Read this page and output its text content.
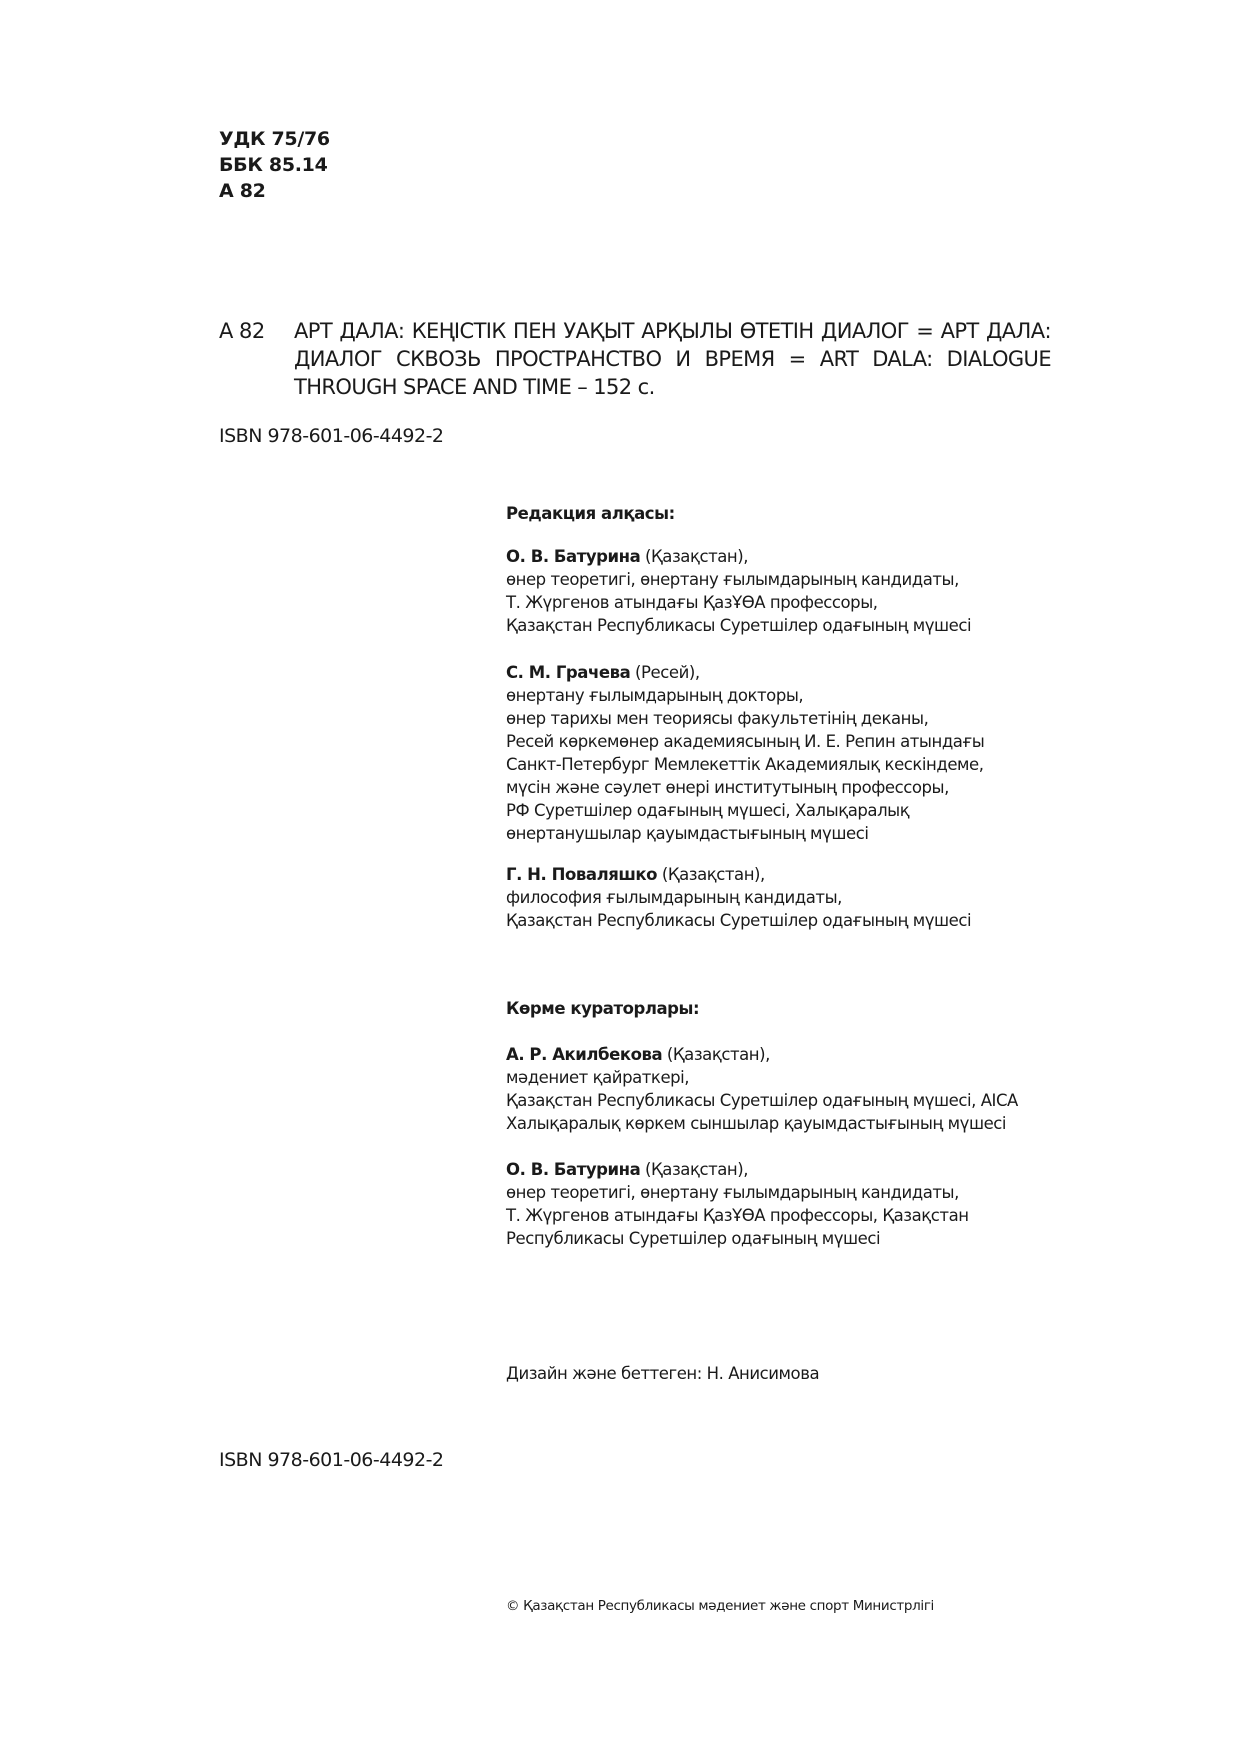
УДК 75/76
ББК 85.14
А 82
А 82 АРТ ДАЛА: КЕҢІСТІК ПЕН УАҚЫТ АРҚЫЛЫ ӨТЕТІН ДИАЛОГ = АРТ ДАЛА: ДИАЛОГ СКВОЗЬ ПРОСТРАНСТВО И ВРЕМЯ = ART DALA: DIALOGUE THROUGH SPACE AND TIME – 152 с.
ISBN 978-601-06-4492-2
Редакция алқасы:
О. В. Батурина (Қазақстан),
өнер теоретигі, өнертану ғылымдарының кандидаты,
Т. Жүргенов атындағы ҚазҰӨА профессоры,
Қазақстан Республикасы Суретшілер одағының мүшесі
С. М. Грачева (Ресей),
өнертану ғылымдарының докторы,
өнер тарихы мен теориясы факультетінің деканы,
Ресей көркемөнер академиясының И. Е. Репин атындағы
Санкт-Петербург Мемлекеттік Академиялық кескіндеме,
мүсін және сәулет өнері институтының профессоры,
РФ Суретшілер одағының мүшесі, Халықаралық
өнертанушылар қауымдастығының мүшесі
Г. Н. Поваляшко (Қазақстан),
философия ғылымдарының кандидаты,
Қазақстан Республикасы Суретшілер одағының мүшесі
Көрме кураторлары:
А. Р. Акилбекова (Қазақстан),
мәдениет қайраткері,
Қазақстан Республикасы Суретшілер одағының мүшесі, AICA
Халықаралық көркем сыншылар қауымдастығының мүшесі
О. В. Батурина (Қазақстан),
өнер теоретигі, өнертану ғылымдарының кандидаты,
Т. Жүргенов атындағы ҚазҰӨА профессоры, Қазақстан
Республикасы Суретшілер одағының мүшесі
Дизайн және беттеген: Н. Анисимова
ISBN 978-601-06-4492-2
© Қазақстан Республикасы мәдениет және спорт Министрлігі
